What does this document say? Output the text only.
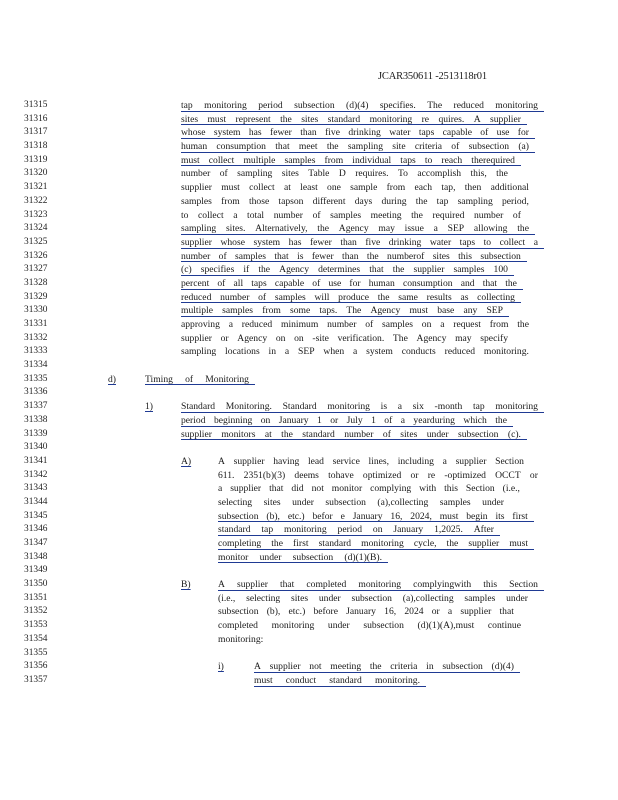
JCAR350611 -2513118r01
31315	tap monitoring period subsection (d)(4) specifies. The reduced monitoring
31316	sites must represent the sites standard monitoring re quires. A supplier
31317	whose system has fewer than five drinking water taps capable of use for
31318	human consumption that meet the sampling site criteria of subsection (a)
31319	must collect multiple samples from individual taps to reach therequired
31320	number of sampling sites Table D requires. To accomplish this, the
31321	supplier must collect at least one sample from each tap, then additional
31322	samples from those tapson different days during the tap sampling period,
31323	to collect a total number of samples meeting the required number of
31324	sampling sites. Alternatively, the Agency may issue a SEP allowing the
31325	supplier whose system has fewer than five drinking water taps to collect a
31326	number of samples that is fewer than the numberof sites this subsection
31327	(c) specifies if the Agency determines that the supplier samples 100
31328	percent of all taps capable of use for human consumption and that the
31329	reduced number of samples will produce the same results as collecting
31330	multiple samples from some taps. The Agency must base any SEP
31331	approving a reduced minimum number of samples on a request from the
31332	supplier or Agency on on -site verification. The Agency may specify
31333	sampling locations in a SEP when a system conducts reduced monitoring.
31334
31335	d)	Timing of Monitoring
31336
31337	1)	Standard Monitoring. Standard monitoring is a six -month tap monitoring
31338	period beginning on January 1 or July 1 of a yearduring which the
31339	supplier monitors at the standard number of sites under subsection (c).
31340
31341	A)	A supplier having lead service lines, including a supplier Section
31342	611. 2351(b)(3) deems tohave optimized or re -optimized OCCT or
31343	a supplier that did not monitor complying with this Section (i.e.,
31344	selecting sites under subsection (a),collecting samples under
31345	subsection (b), etc.) befor e January 16, 2024, must begin its first
31346	standard tap monitoring period on January 1,2025. After
31347	completing the first standard monitoring cycle, the supplier must
31348	monitor under subsection (d)(1)(B).
31349
31350	B)	A supplier that completed monitoring complyingwith this Section
31351	(i.e., selecting sites under subsection (a),collecting samples under
31352	subsection (b), etc.) before January 16, 2024 or a supplier that
31353	completed monitoring under subsection (d)(1)(A),must continue
31354	monitoring:
31355
31356	i)	A supplier not meeting the criteria in subsection (d)(4)
31357	must conduct standard monitoring.
